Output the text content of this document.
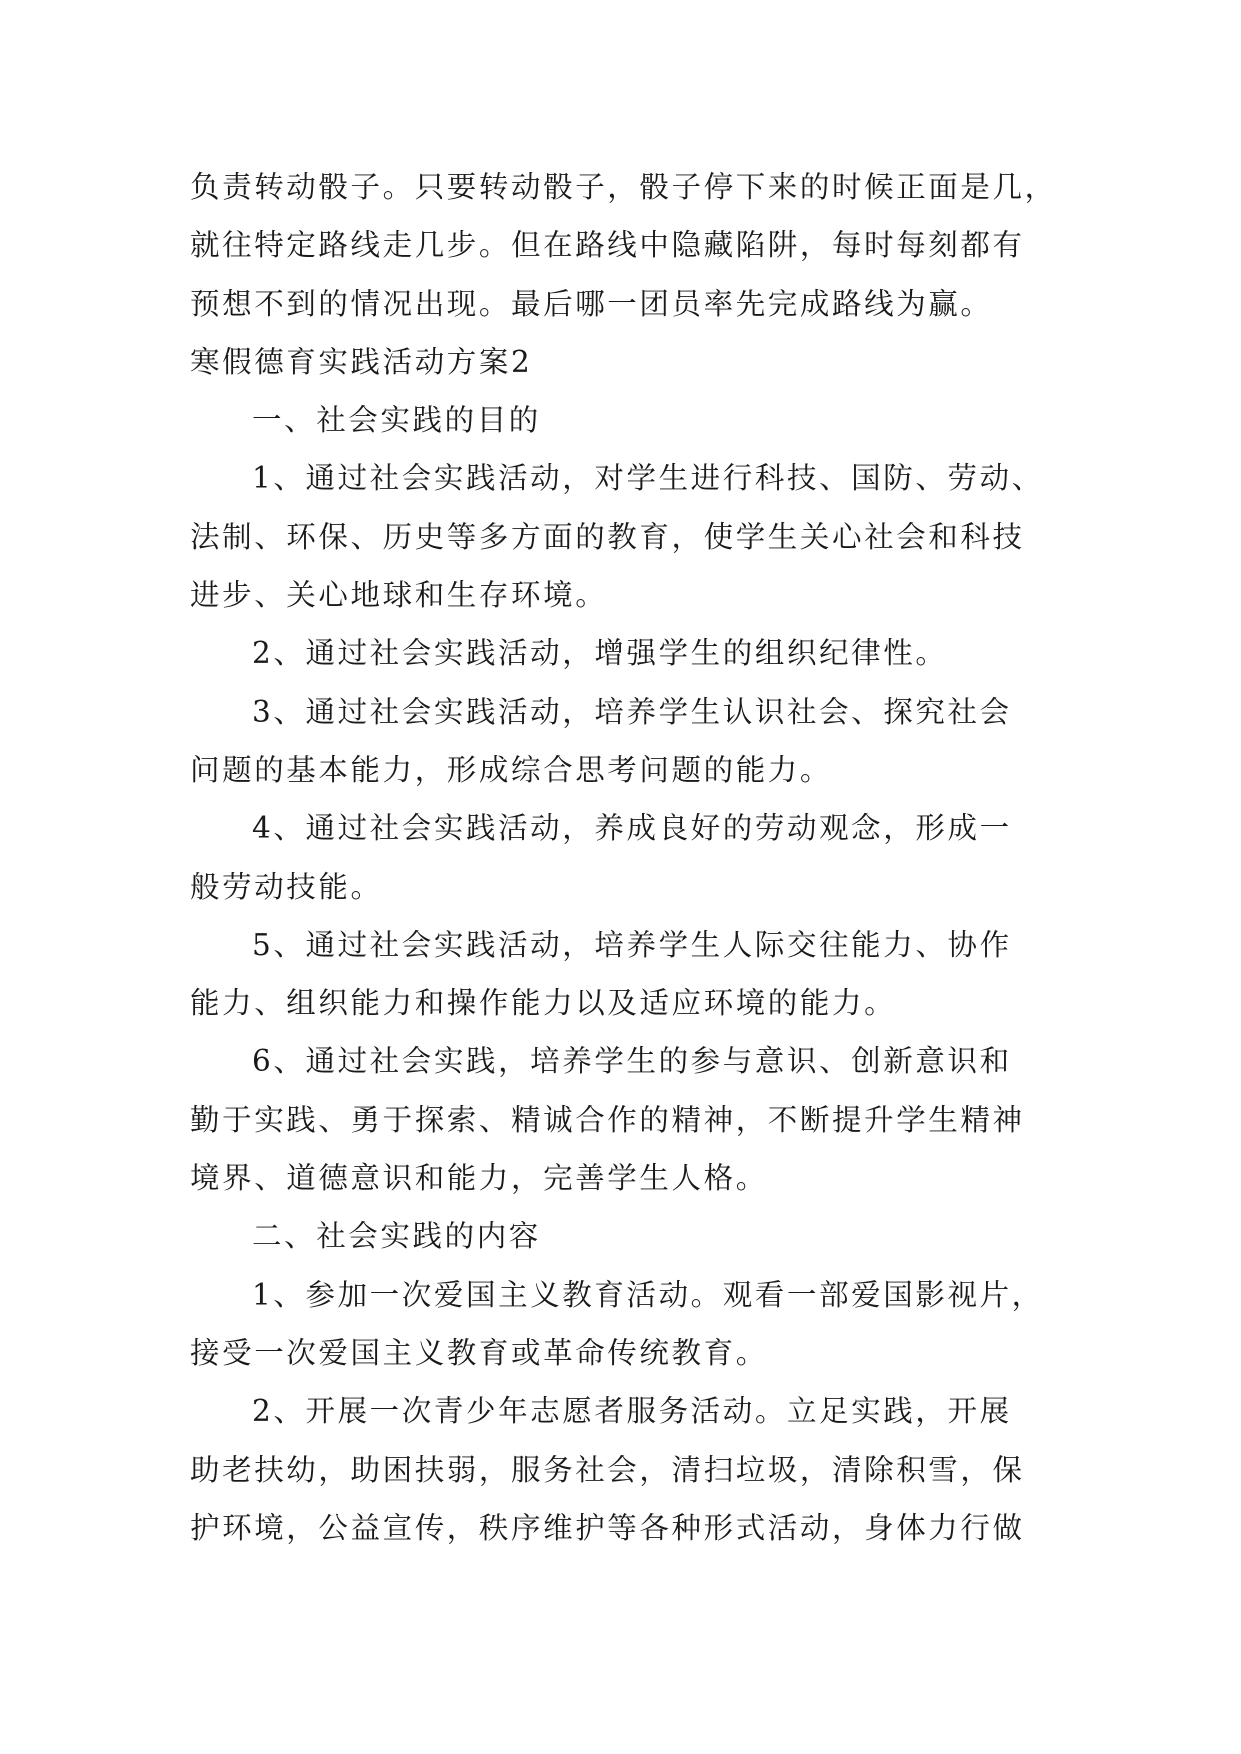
负责转动骰子。只要转动骰子，骰子停下来的时候正面是几，
就往特定路线走几步。但在路线中隐藏陷阱，每时每刻都有
预想不到的情况出现。最后哪一团员率先完成路线为赢。
寒假德育实践活动方案2
一、社会实践的目的
1、通过社会实践活动，对学生进行科技、国防、劳动、
法制、环保、历史等多方面的教育，使学生关心社会和科技
进步、关心地球和生存环境。
2、通过社会实践活动，增强学生的组织纪律性。
3、通过社会实践活动，培养学生认识社会、探究社会
问题的基本能力，形成综合思考问题的能力。
4、通过社会实践活动，养成良好的劳动观念，形成一
般劳动技能。
5、通过社会实践活动，培养学生人际交往能力、协作
能力、组织能力和操作能力以及适应环境的能力。
6、通过社会实践，培养学生的参与意识、创新意识和
勤于实践、勇于探索、精诚合作的精神，不断提升学生精神
境界、道德意识和能力，完善学生人格。
二、社会实践的内容
1、参加一次爱国主义教育活动。观看一部爱国影视片，
接受一次爱国主义教育或革命传统教育。
2、开展一次青少年志愿者服务活动。立足实践，开展
助老扶幼，助困扶弱，服务社会，清扫垃圾，清除积雪，保
护环境，公益宣传，秩序维护等各种形式活动，身体力行做
